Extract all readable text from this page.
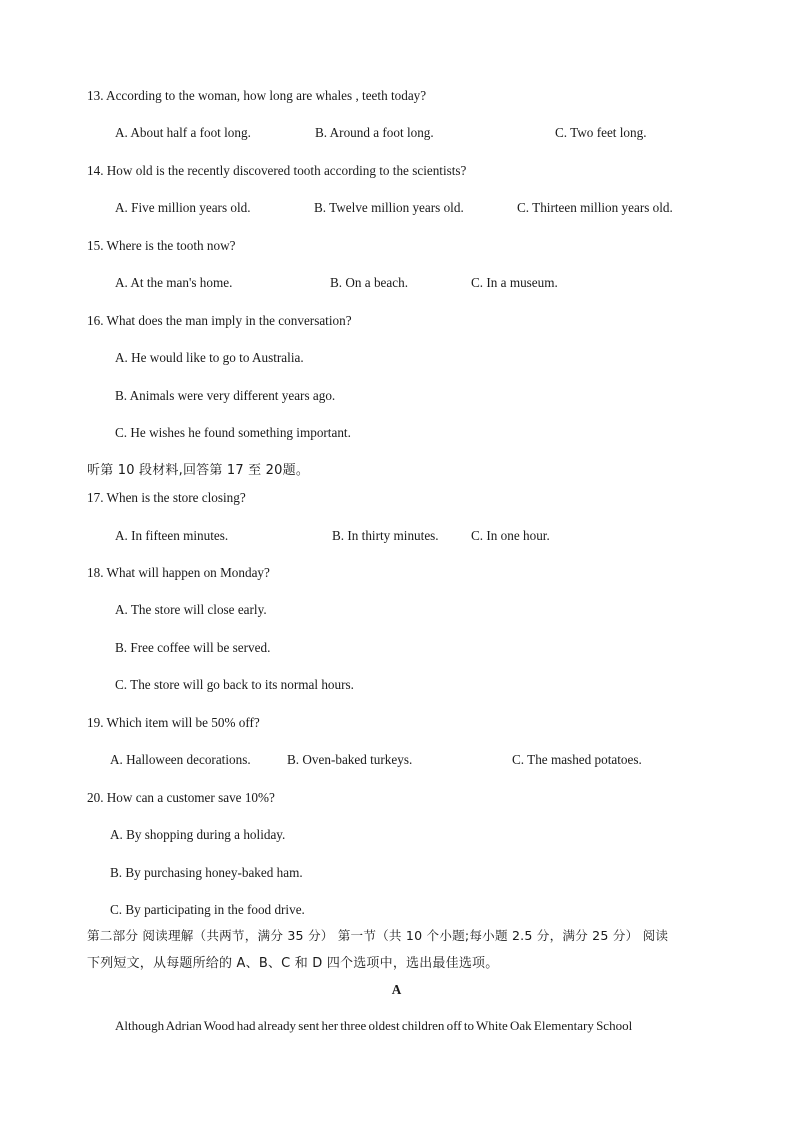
13. According to the woman, how long are whales , teeth today?
A. About half a foot long.	B. Around a foot long.	C. Two feet long.
14. How old is the recently discovered tooth according to the scientists?
A. Five million years old.	B. Twelve million years old.	C. Thirteen million years old.
15. Where is the tooth now?
A. At the man's home.	B. On a beach.	C. In a museum.
16. What does the man imply in the conversation?
A. He would like to go to Australia.
B. Animals were very different years ago.
C. He wishes he found something important.
听第 10 段材料,回答第 17 至 20题。
17. When is the store closing?
A. In fifteen minutes.	B. In thirty minutes. C. In one hour.
18. What will happen on Monday?
A. The store will close early.
B. Free coffee will be served.
C. The store will go back to its normal hours.
19. Which item will be 50% off?
A. Halloween decorations.	B. Oven-baked turkeys.	C. The mashed potatoes.
20. How can a customer save 10%?
A. By shopping during a holiday.
B. By purchasing honey-baked ham.
C. By participating in the food drive.
第二部分 阅读理解（共两节，满分 35 分） 第一节（共 10 个小题;每小题 2.5 分，满分 25 分） 阅读
下列短文，从每题所给的 A、B、C 和 D 四个选项中，选出最佳选项。
A
Although Adrian Wood had already sent her three oldest children off to White Oak Elementary School
